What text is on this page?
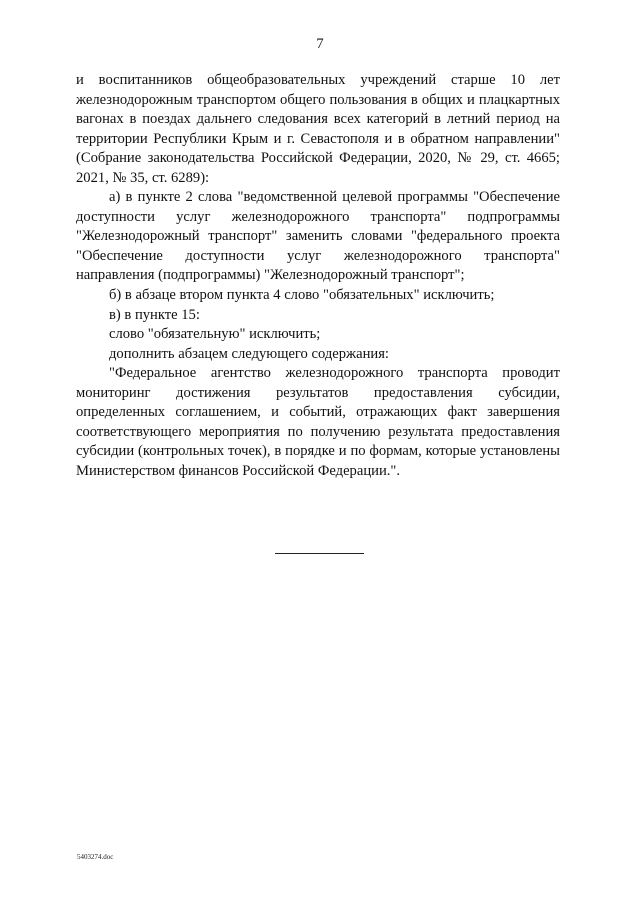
7

и воспитанников общеобразовательных учреждений старше 10 лет железнодорожным транспортом общего пользования в общих и плацкартных вагонах в поездах дальнего следования всех категорий в летний период на территории Республики Крым и г. Севастополя и в обратном направлении" (Собрание законодательства Российской Федерации, 2020, № 29, ст. 4665; 2021, № 35, ст. 6289):

а) в пункте 2 слова "ведомственной целевой программы "Обеспечение доступности услуг железнодорожного транспорта" подпрограммы "Железнодорожный транспорт" заменить словами "федерального проекта "Обеспечение доступности услуг железнодорожного транспорта" направления (подпрограммы) "Железнодорожный транспорт";

б) в абзаце втором пункта 4 слово "обязательных" исключить;

в) в пункте 15:

слово "обязательную" исключить;

дополнить абзацем следующего содержания:

"Федеральное агентство железнодорожного транспорта проводит мониторинг достижения результатов предоставления субсидии, определенных соглашением, и событий, отражающих факт завершения соответствующего мероприятия по получению результата предоставления субсидии (контрольных точек), в порядке и по формам, которые установлены Министерством финансов Российской Федерации.".

5403274.doc
